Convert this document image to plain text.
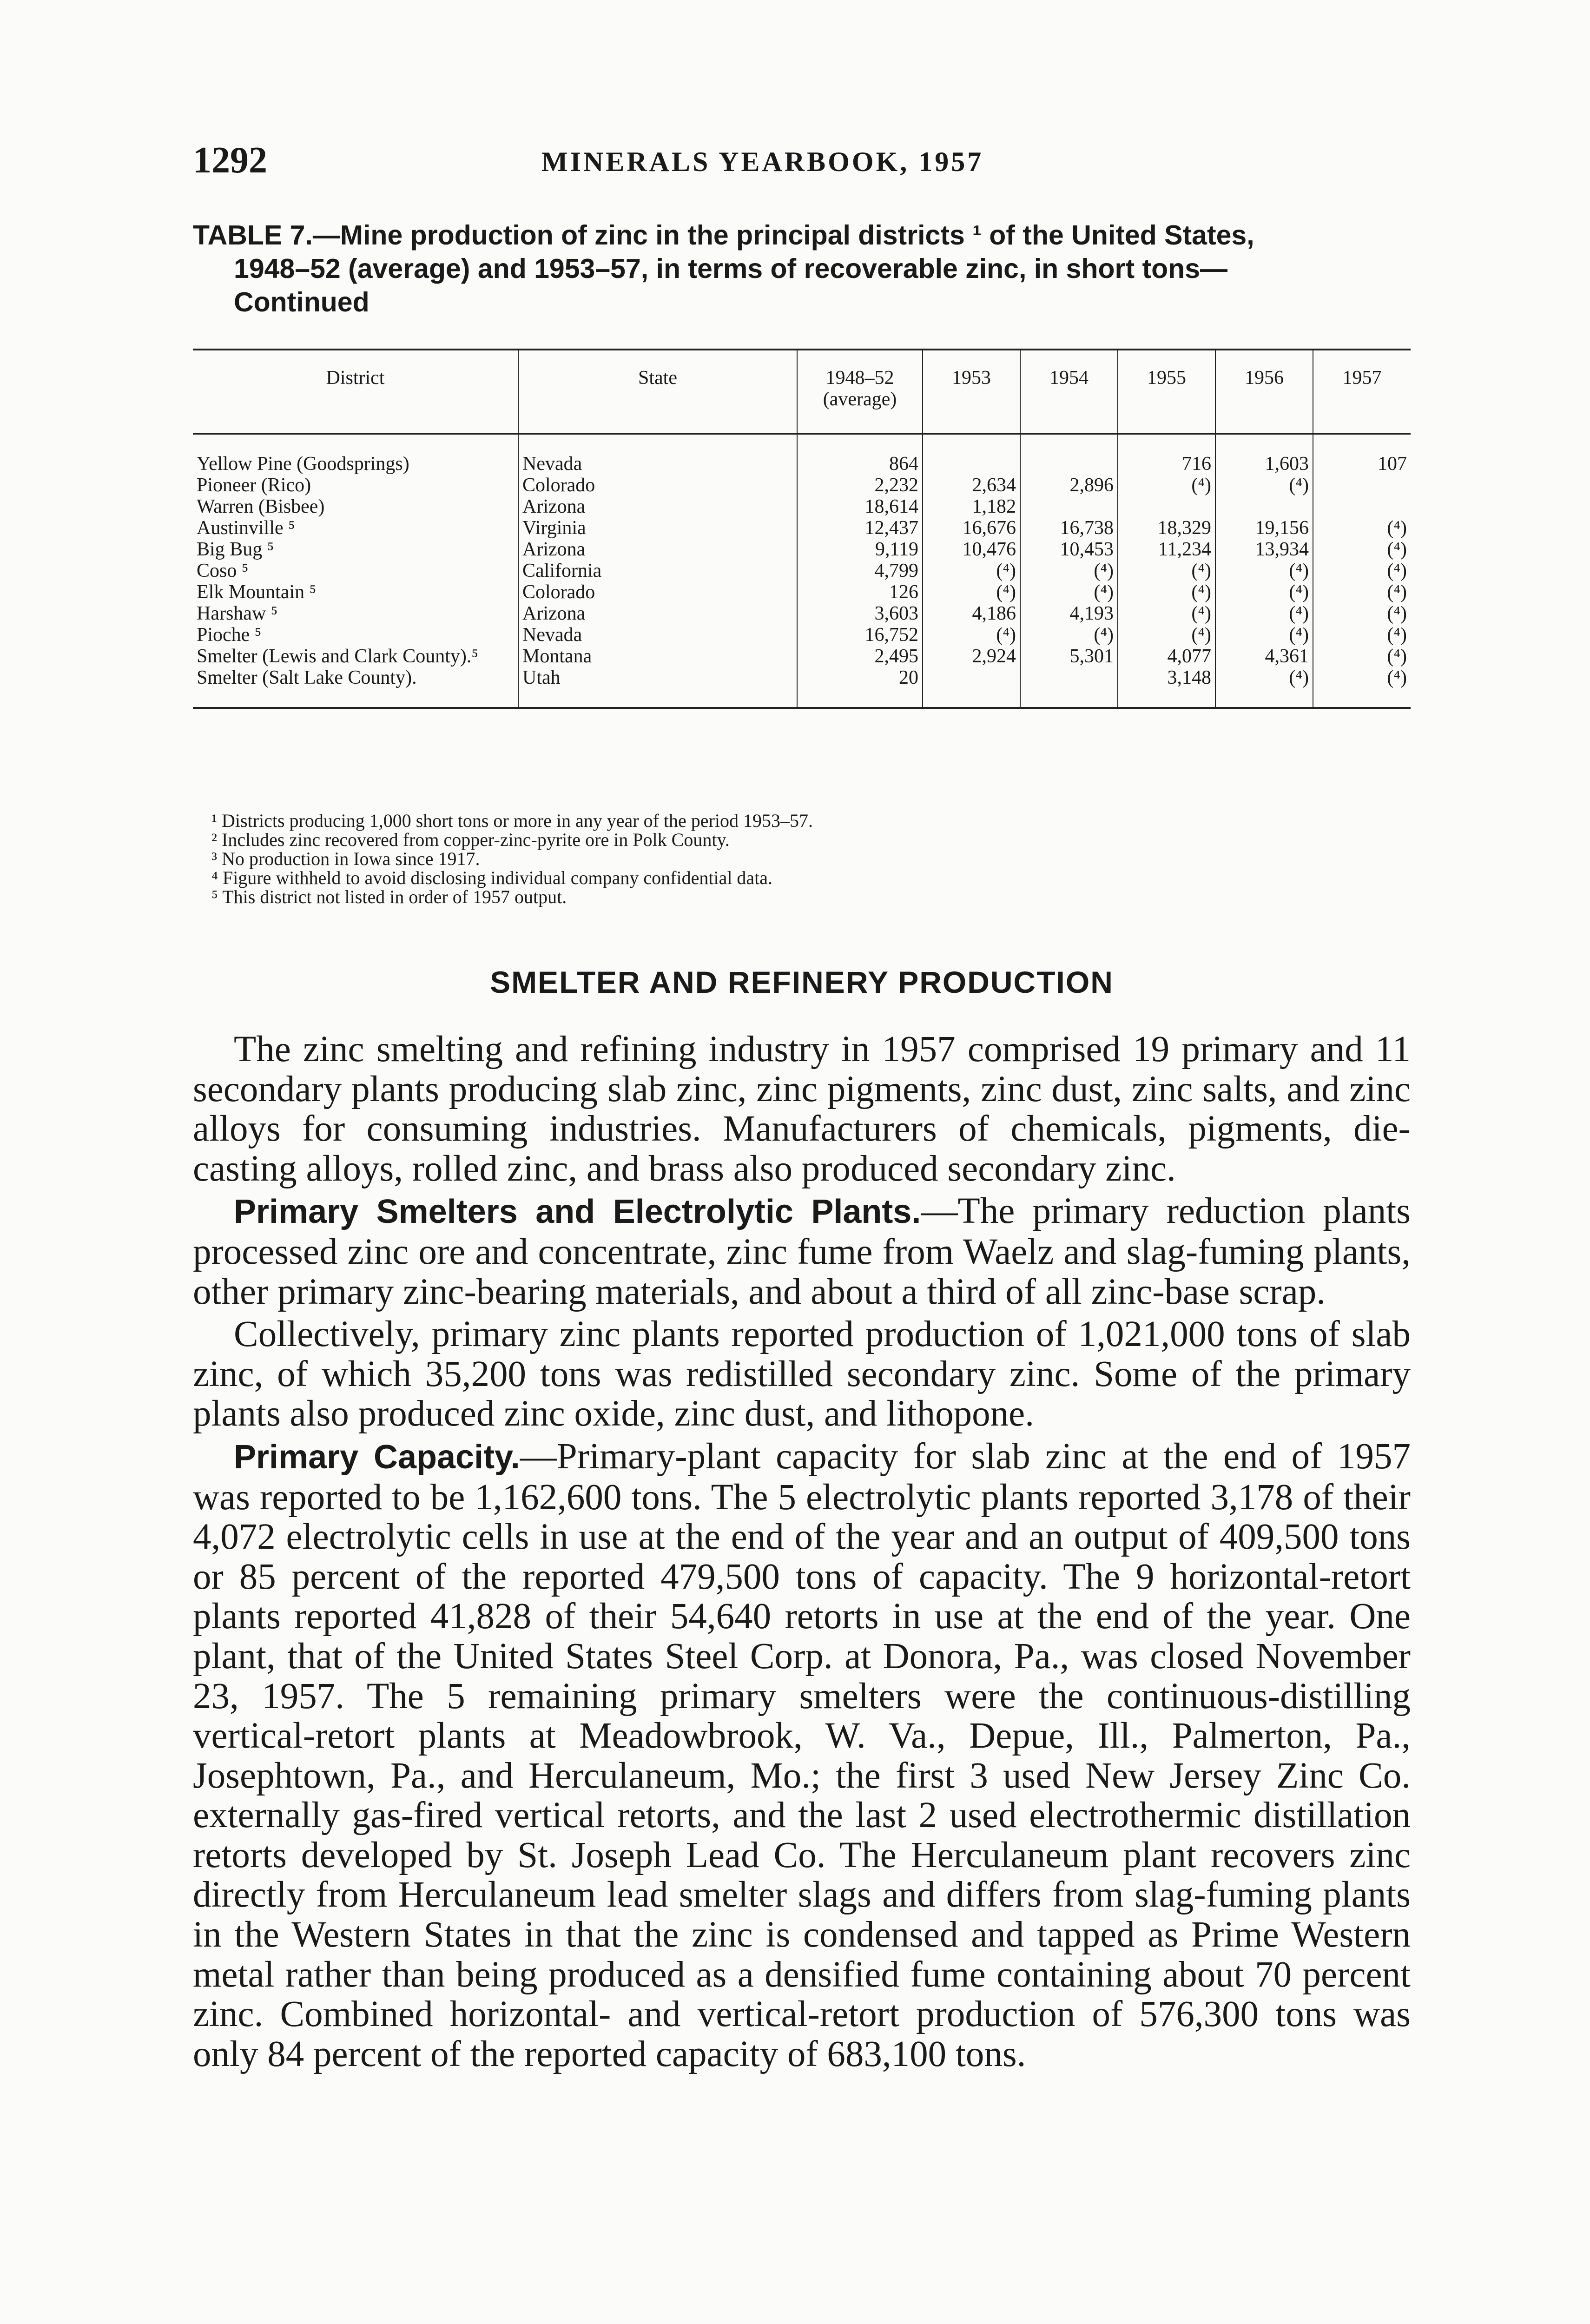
1292	MINERALS YEARBOOK, 1957
TABLE 7.—Mine production of zinc in the principal districts ¹ of the United States,

1948–52 (average) and 1953–57, in terms of recoverable zinc, in short tons—
Continued
District	State	1948–52 (average)	1953	1954	1955	1956	1957
Yellow Pine (Goodsprings)	Nevada	864			716	1,603	107
Pioneer (Rico)	Colorado	2,232	2,634	2,896	(⁴)	(⁴)	
Warren (Bisbee)	Arizona	18,614	1,182				
Austinville ⁵	Virginia	12,437	16,676	16,738	18,329	19,156	(⁴)
Big Bug ⁵	Arizona	9,119	10,476	10,453	11,234	13,934	(⁴)
Coso ⁵	California	4,799	(⁴)	(⁴)	(⁴)	(⁴)	(⁴)
Elk Mountain ⁵	Colorado	126	(⁴)	(⁴)	(⁴)	(⁴)	(⁴)
Harshaw ⁵	Arizona	3,603	4,186	4,193	(⁴)	(⁴)	(⁴)
Pioche ⁵	Nevada	16,752	(⁴)	(⁴)	(⁴)	(⁴)	(⁴)
Smelter (Lewis and Clark County).⁵	Montana	2,495	2,924	5,301	4,077	4,361	(⁴)
Smelter (Salt Lake County).	Utah	20			3,148	(⁴)	(⁴)
¹ Districts producing 1,000 short tons or more in any year of the period 1953–57.
² Includes zinc recovered from copper-zinc-pyrite ore in Polk County.
³ No production in Iowa since 1917.
⁴ Figure withheld to avoid disclosing individual company confidential data.
⁵ This district not listed in order of 1957 output.
SMELTER AND REFINERY PRODUCTION

The zinc smelting and refining industry in 1957 comprised 19 primary and 11 secondary plants producing slab zinc, zinc pigments, zinc dust, zinc salts, and zinc alloys for consuming industries. Manufacturers of chemicals, pigments, die-casting alloys, rolled zinc, and brass also produced secondary zinc.

Primary Smelters and Electrolytic Plants.—The primary reduction plants processed zinc ore and concentrate, zinc fume from Waelz and slag-fuming plants, other primary zinc-bearing materials, and about a third of all zinc-base scrap.

Collectively, primary zinc plants reported production of 1,021,000 tons of slab zinc, of which 35,200 tons was redistilled secondary zinc. Some of the primary plants also produced zinc oxide, zinc dust, and lithopone.

Primary Capacity.—Primary-plant capacity for slab zinc at the end of 1957 was reported to be 1,162,600 tons. The 5 electrolytic plants reported 3,178 of their 4,072 electrolytic cells in use at the end of the year and an output of 409,500 tons or 85 percent of the reported 479,500 tons of capacity. The 9 horizontal-retort plants reported 41,828 of their 54,640 retorts in use at the end of the year. One plant, that of the United States Steel Corp. at Donora, Pa., was closed November 23, 1957. The 5 remaining primary smelters were the continuous-distilling vertical-retort plants at Meadowbrook, W. Va., Depue, Ill., Palmerton, Pa., Josephtown, Pa., and Herculaneum, Mo.; the first 3 used New Jersey Zinc Co. externally gas-fired vertical retorts, and the last 2 used electrothermic distillation retorts developed by St. Joseph Lead Co. The Herculaneum plant recovers zinc directly from Herculaneum lead smelter slags and differs from slag-fuming plants in the Western States in that the zinc is condensed and tapped as Prime Western metal rather than being produced as a densified fume containing about 70 percent zinc. Combined horizontal- and vertical-retort production of 576,300 tons was only 84 percent of the reported capacity of 683,100 tons.
